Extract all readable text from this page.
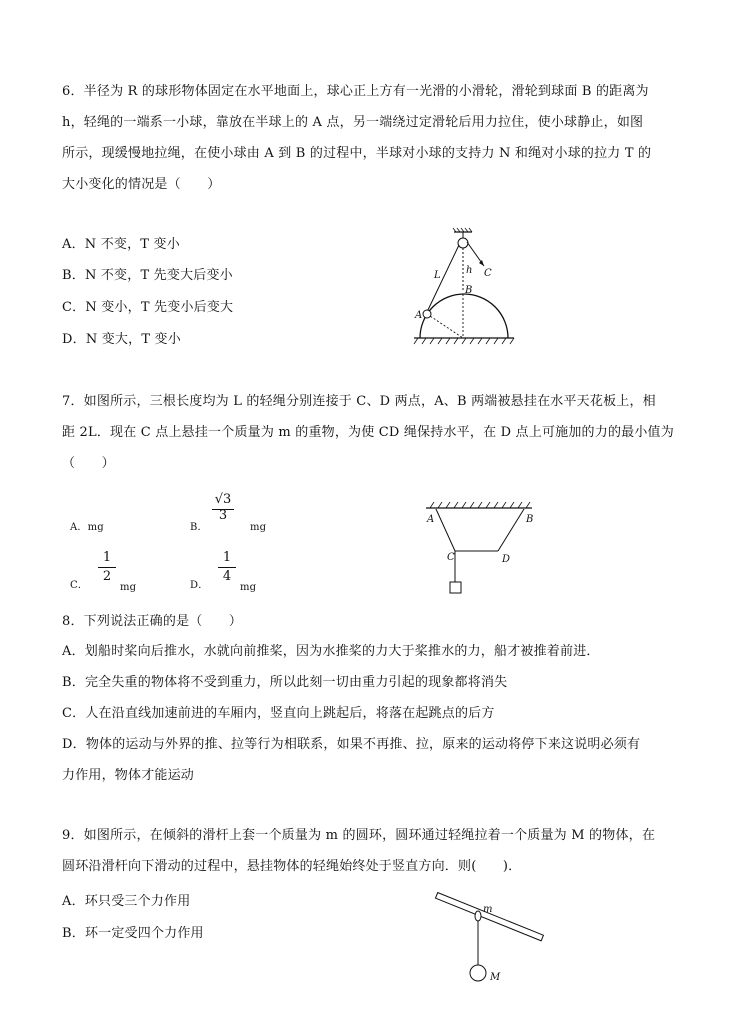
6．半径为 R 的球形物体固定在水平地面上，球心正上方有一光滑的小滑轮，滑轮到球面 B 的距离为
h，轻绳的一端系一小球，靠放在半球上的 A 点，另一端绕过定滑轮后用力拉住，使小球静止，如图
所示，现缓慢地拉绳，在使小球由 A 到 B 的过程中，半球对小球的支持力 N 和绳对小球的拉力 T 的
大小变化的情况是（　　）
A．N 不变，T 变小
B．N 不变，T 先变大后变小
C．N 变小，T 先变小后变大
D．N 变大，T 变小
C
L	h
B
A
7．如图所示，三根长度均为 L 的轻绳分别连接于 C、D 两点，A、B 两端被悬挂在水平天花板上，相
距 2L．现在 C 点上悬挂一个质量为 m 的重物，为使 CD 绳保持水平，在 D 点上可施加的力的最小值为
（　　）
A．mg	B．
√3
3
mg
C．
1
2
mg	D．
1
4
mg
A	B
C	D
8．下列说法正确的是（　　）
A．划船时桨向后推水，水就向前推桨，因为水推桨的力大于桨推水的力，船才被推着前进．
B．完全失重的物体将不受到重力，所以此刻一切由重力引起的现象都将消失
C．人在沿直线加速前进的车厢内，竖直向上跳起后，将落在起跳点的后方
D．物体的运动与外界的推、拉等行为相联系，如果不再推、拉，原来的运动将停下来这说明必须有
力作用，物体才能运动
9．如图所示，在倾斜的滑杆上套一个质量为 m 的圆环，圆环通过轻绳拉着一个质量为 M 的物体，在
圆环沿滑杆向下滑动的过程中，悬挂物体的轻绳始终处于竖直方向．则(　　)．
A．环只受三个力作用
B．环一定受四个力作用
m
M
